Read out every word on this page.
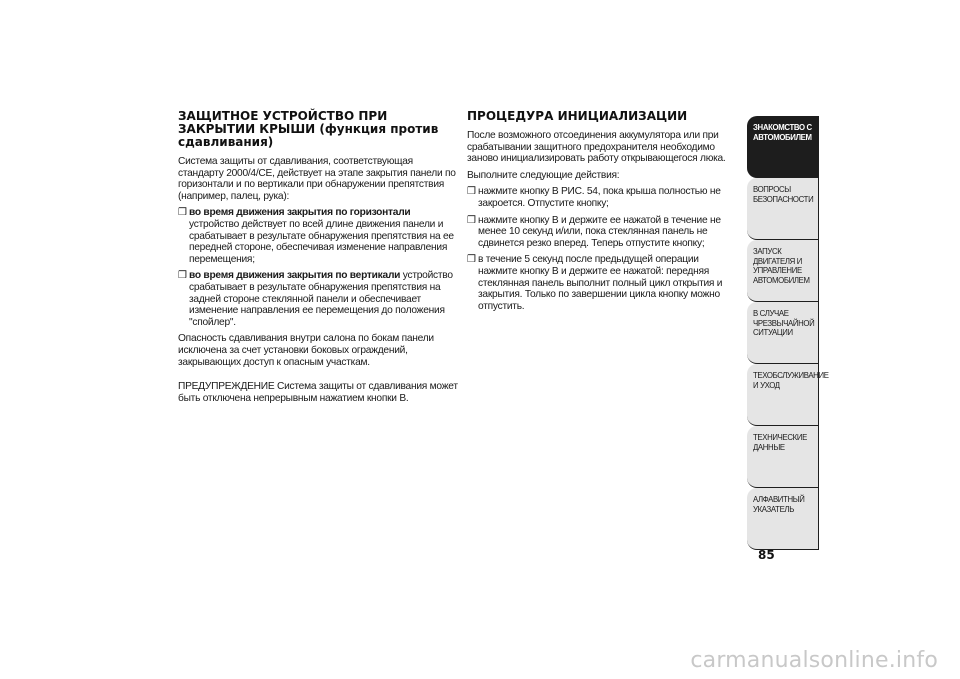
ЗАЩИТНОЕ УСТРОЙСТВО ПРИ ЗАКРЫТИИ КРЫШИ (функция против сдавливания)

Система защиты от сдавливания, соответствующая стандарту 2000/4/CE, действует на этапе закрытия панели по горизонтали и по вертикали при обнаружении препятствия (например, палец, рука):

❒ во время движения закрытия по горизонтали устройство действует по всей длине движения панели и срабатывает в результате обнаружения препятствия на ее передней стороне, обеспечивая изменение направления перемещения;

❒ во время движения закрытия по вертикали устройство срабатывает в результате обнаружения препятствия на задней стороне стеклянной панели и обеспечивает изменение направления ее перемещения до положения "спойлер".

Опасность сдавливания внутри салона по бокам панели исключена за счет установки боковых ограждений, закрывающих доступ к опасным участкам.

ПРЕДУПРЕЖДЕНИЕ Система защиты от сдавливания может быть отключена непрерывным нажатием кнопки B.

ПРОЦЕДУРА ИНИЦИАЛИЗАЦИИ

После возможного отсоединения аккумулятора или при срабатывании защитного предохранителя необходимо заново инициализировать работу открывающегося люка.

Выполните следующие действия:

❒ нажмите кнопку B РИС. 54, пока крыша полностью не закроется. Отпустите кнопку;

❒ нажмите кнопку B и держите ее нажатой в течение не менее 10 секунд и/или, пока стеклянная панель не сдвинется резко вперед. Теперь отпустите кнопку;

❒ в течение 5 секунд после предыдущей операции нажмите кнопку B и держите ее нажатой: передняя стеклянная панель выполнит полный цикл открытия и закрытия. Только по завершении цикла кнопку можно отпустить.

ЗНАКОМСТВО С АВТОМОБИЛЕМ
ВОПРОСЫ БЕЗОПАСНОСТИ
ЗАПУСК ДВИГАТЕЛЯ И УПРАВЛЕНИЕ АВТОМОБИЛЕМ
В СЛУЧАЕ ЧРЕЗВЫЧАЙНОЙ СИТУАЦИИ
ТЕХОБСЛУЖИВАНИЕ И УХОД
ТЕХНИЧЕСКИЕ ДАННЫЕ
АЛФАВИТНЫЙ УКАЗАТЕЛЬ
85
carmanualsonline.info
